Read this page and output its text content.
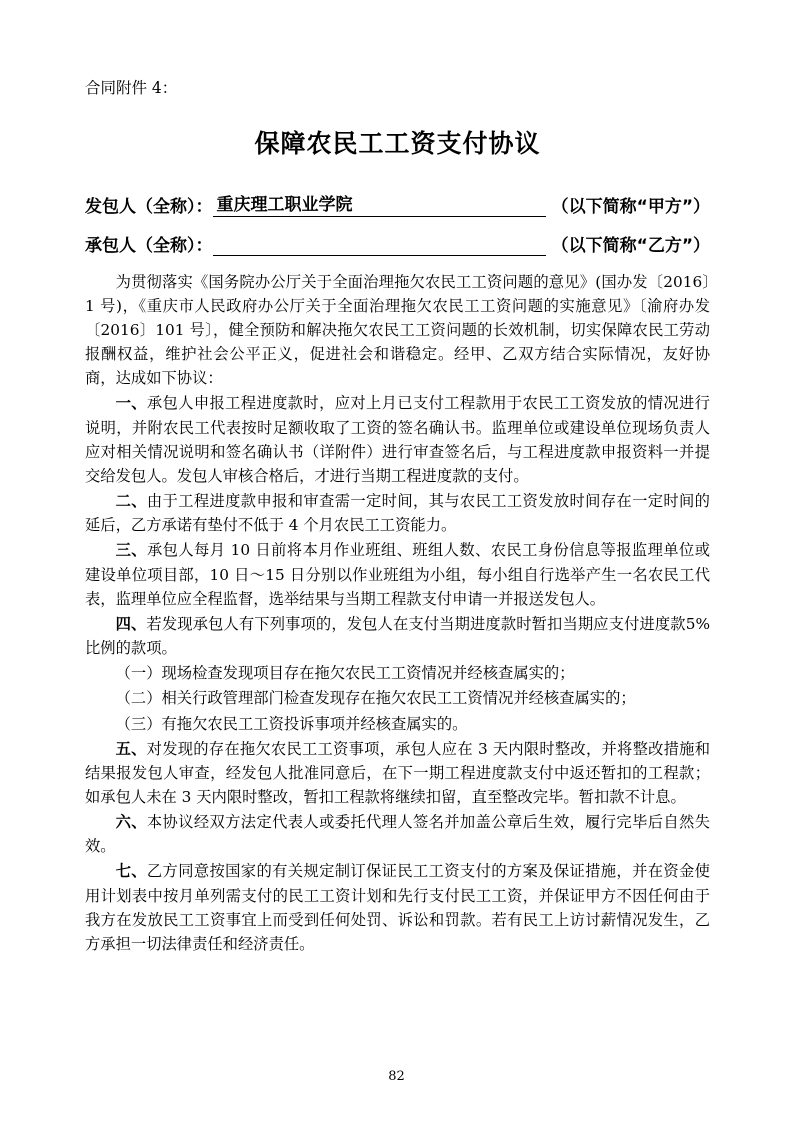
合同附件 4：
保障农民工工资支付协议
发包人（全称）： 重庆理工职业学院	（以下简称“甲方”）
承包人（全称）：	（以下简称“乙方”）

为贯彻落实《国务院办公厅关于全面治理拖欠农民工工资问题的意见》(国办发〔2016〕1 号)，《重庆市人民政府办公厅关于全面治理拖欠农民工工资问题的实施意见》〔渝府办发〔2016〕101 号〕，健全预防和解决拖欠农民工工资问题的长效机制，切实保障农民工劳动报酬权益，维护社会公平正义，促进社会和谐稳定。经甲、乙双方结合实际情况，友好协商，达成如下协议：

一、承包人申报工程进度款时，应对上月已支付工程款用于农民工工资发放的情况进行说明，并附农民工代表按时足额收取了工资的签名确认书。监理单位或建设单位现场负责人应对相关情况说明和签名确认书（详附件）进行审查签名后，与工程进度款申报资料一并提交给发包人。发包人审核合格后，才进行当期工程进度款的支付。

二、由于工程进度款申报和审查需一定时间，其与农民工工资发放时间存在一定时间的延后，乙方承诺有垫付不低于 4 个月农民工工资能力。

三、承包人每月 10 日前将本月作业班组、班组人数、农民工身份信息等报监理单位或建设单位项目部，10 日～15 日分别以作业班组为小组，每小组自行选举产生一名农民工代表，监理单位应全程监督，选举结果与当期工程款支付申请一并报送发包人。

四、若发现承包人有下列事项的，发包人在支付当期进度款时暂扣当期应支付进度款5%比例的款项。

（一）现场检查发现项目存在拖欠农民工工资情况并经核查属实的；

（二）相关行政管理部门检查发现存在拖欠农民工工资情况并经核查属实的；

（三）有拖欠农民工工资投诉事项并经核查属实的。

五、对发现的存在拖欠农民工工资事项，承包人应在 3 天内限时整改，并将整改措施和结果报发包人审查，经发包人批准同意后，在下一期工程进度款支付中返还暂扣的工程款；如承包人未在 3 天内限时整改，暂扣工程款将继续扣留，直至整改完毕。暂扣款不计息。

六、本协议经双方法定代表人或委托代理人签名并加盖公章后生效，履行完毕后自然失效。

七、乙方同意按国家的有关规定制订保证民工工资支付的方案及保证措施，并在资金使用计划表中按月单列需支付的民工工资计划和先行支付民工工资，并保证甲方不因任何由于我方在发放民工工资事宜上而受到任何处罚、诉讼和罚款。若有民工上访讨薪情况发生，乙方承担一切法律责任和经济责任。

82
